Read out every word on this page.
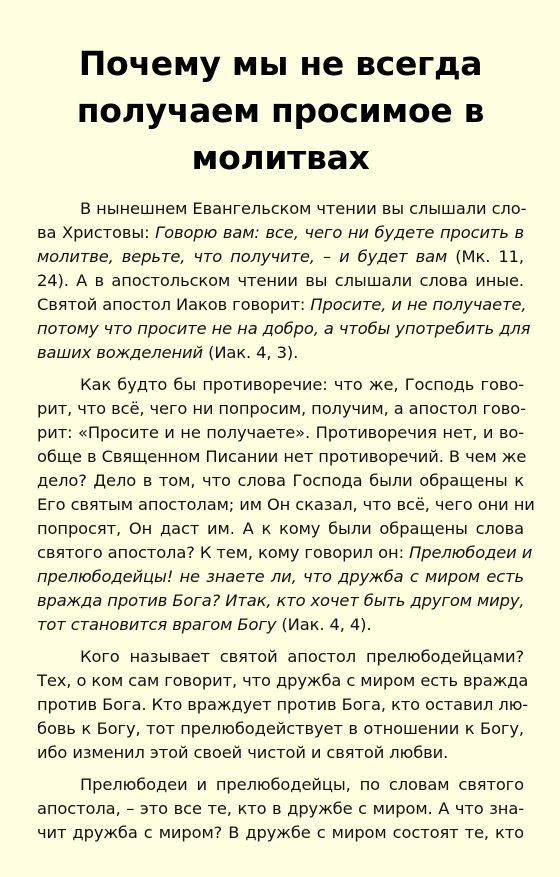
Почему мы не всегда
получаем просимое в
молитвах

В нынешнем Евангельском чтении вы слышали сло-
ва Христовы: Говорю вам: все, чего ни будете просить в
молитве, верьте, что получите, – и будет вам (Мк. 11,
24). А в апостольском чтении вы слышали слова иные.
Святой апостол Иаков говорит: Просите, и не получаете,
потому что просите не на добро, а чтобы употребить для
ваших вожделений (Иак. 4, 3).

Как будто бы противоречие: что же, Господь гово-
рит, что всё, чего ни попросим, получим, а апостол гово-
рит: «Просите и не получаете». Противоречия нет, и во-
обще в Священном Писании нет противоречий. В чем же
дело? Дело в том, что слова Господа были обращены к
Его святым апостолам; им Он сказал, что всё, чего они ни
попросят, Он даст им. А к кому были обращены слова
святого апостола? К тем, кому говорил он: Прелюбодеи и
прелюбодейцы! не знаете ли, что дружба с миром есть
вражда против Бога? Итак, кто хочет быть другом миру,
тот становится врагом Богу (Иак. 4, 4).

Кого называет святой апостол прелюбодейцами?
Тех, о ком сам говорит, что дружба с миром есть вражда
против Бога. Кто враждует против Бога, кто оставил лю-
бовь к Богу, тот прелюбодействует в отношении к Богу,
ибо изменил этой своей чистой и святой любви.

Прелюбодеи и прелюбодейцы, по словам святого
апостола, – это все те, кто в дружбе с миром. А что зна-
чит дружба с миром? В дружбе с миром состоят те, кто
